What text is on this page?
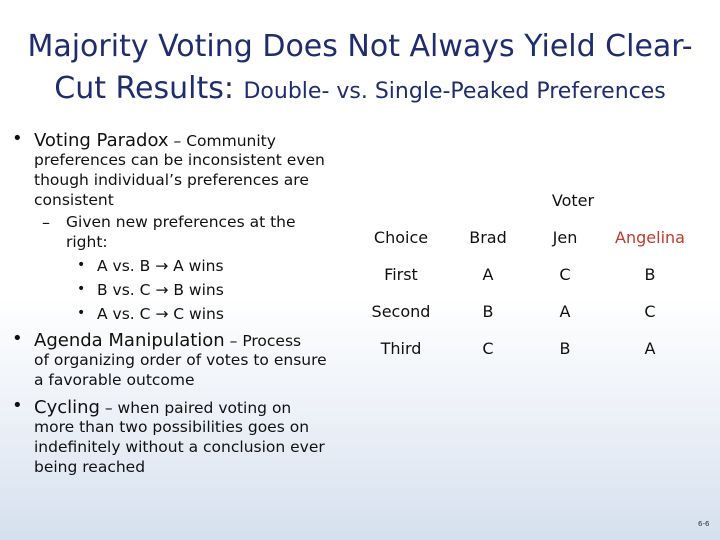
Majority Voting Does Not Always Yield Clear-
Cut Results: Double- vs. Single-Peaked Preferences
• Voting Paradox – Community
preferences can be inconsistent even
though individual’s preferences are
consistent
– Given new preferences at the
right:
• A vs. B → A wins
• B vs. C → B wins
• A vs. C → C wins
• Agenda Manipulation – Process
of organizing order of votes to ensure
a favorable outcome
• Cycling – when paired voting on
more than two possibilities goes on
indefinitely without a conclusion ever
being reached
	Voter		
Choice	Brad	Jen	Angelina
First	A	C	B
Second	B	A	C
Third	C	B	A
6-6
